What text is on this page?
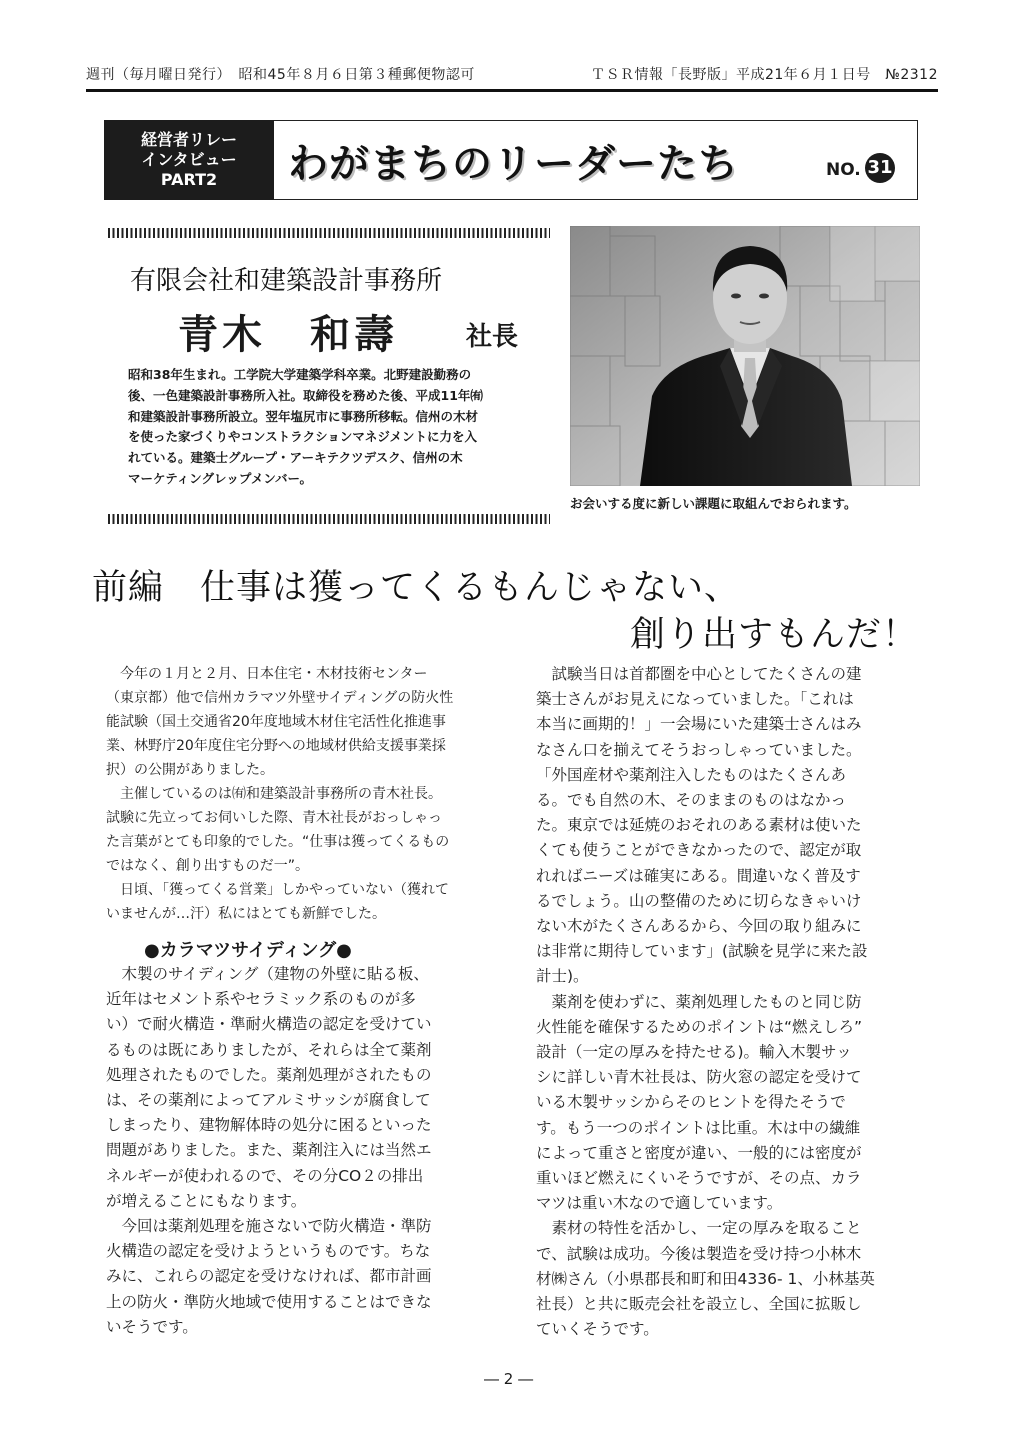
週刊（毎月曜日発行）　昭和45年８月６日第３種郵便物認可	ＴＳＲ情報「長野版」平成21年６月１日号　№2312
経営者リレー
インタビュー
PART2	わがまちのリーダーたち	NO. 31
有限会社和建築設計事務所
青木　和壽	社長
昭和38年生まれ。工学院大学建築学科卒業。北野建設勤務の
後、一色建築設計事務所入社。取締役を務めた後、平成11年㈲
和建築設計事務所設立。翌年塩尻市に事務所移転。信州の木材
を使った家づくりやコンストラクションマネジメントに力を入
れている。建築士グループ・アーキテクツデスク、信州の木
マーケティングレップメンバー。
お会いする度に新しい課題に取組んでおられます。
前編　仕事は獲ってくるもんじゃない、
創り出すもんだ！
　今年の１月と２月、日本住宅・木材技術センター
（東京都）他で信州カラマツ外壁サイディングの防火性
能試験（国土交通省20年度地域木材住宅活性化推進事
業、林野庁20年度住宅分野への地域材供給支援事業採
択）の公開がありました。
　主催しているのは㈲和建築設計事務所の青木社長。
試験に先立ってお伺いした際、青木社長がおっしゃっ
た言葉がとても印象的でした。“仕事は獲ってくるもの
ではなく、創り出すものだ一”。
　日頃、「獲ってくる営業」しかやっていない（獲れて
いませんが…汗）私にはとても新鮮でした。
●カラマツサイディング●
　木製のサイディング（建物の外壁に貼る板、
近年はセメント系やセラミック系のものが多
い）で耐火構造・準耐火構造の認定を受けてい
るものは既にありましたが、それらは全て薬剤
処理されたものでした。薬剤処理がされたもの
は、その薬剤によってアルミサッシが腐食して
しまったり、建物解体時の処分に困るといった
問題がありました。また、薬剤注入には当然エ
ネルギーが使われるので、その分CO２の排出
が増えることにもなります。
　今回は薬剤処理を施さないで防火構造・準防
火構造の認定を受けようというものです。ちな
みに、これらの認定を受けなければ、都市計画
上の防火・準防火地域で使用することはできな
いそうです。
　試験当日は首都圏を中心としてたくさんの建
築士さんがお見えになっていました。「これは
本当に画期的！」一会場にいた建築士さんはみ
なさん口を揃えてそうおっしゃっていました。
「外国産材や薬剤注入したものはたくさんあ
る。でも自然の木、そのままのものはなかっ
た。東京では延焼のおそれのある素材は使いた
くても使うことができなかったので、認定が取
れればニーズは確実にある。間違いなく普及す
るでしょう。山の整備のために切らなきゃいけ
ない木がたくさんあるから、今回の取り組みに
は非常に期待しています」(試験を見学に来た設
計士)。
　薬剤を使わずに、薬剤処理したものと同じ防
火性能を確保するためのポイントは“燃えしろ”
設計（一定の厚みを持たせる)。輸入木製サッ
シに詳しい青木社長は、防火窓の認定を受けて
いる木製サッシからそのヒントを得たそうで
す。もう一つのポイントは比重。木は中の繊維
によって重さと密度が違い、一般的には密度が
重いほど燃えにくいそうですが、その点、カラ
マツは重い木なので適しています。
　素材の特性を活かし、一定の厚みを取ること
で、試験は成功。今後は製造を受け持つ小林木
材㈱さん（小県郡長和町和田4336- 1、小林基英
社長）と共に販売会社を設立し、全国に拡販し
ていくそうです。
― 2 ―
